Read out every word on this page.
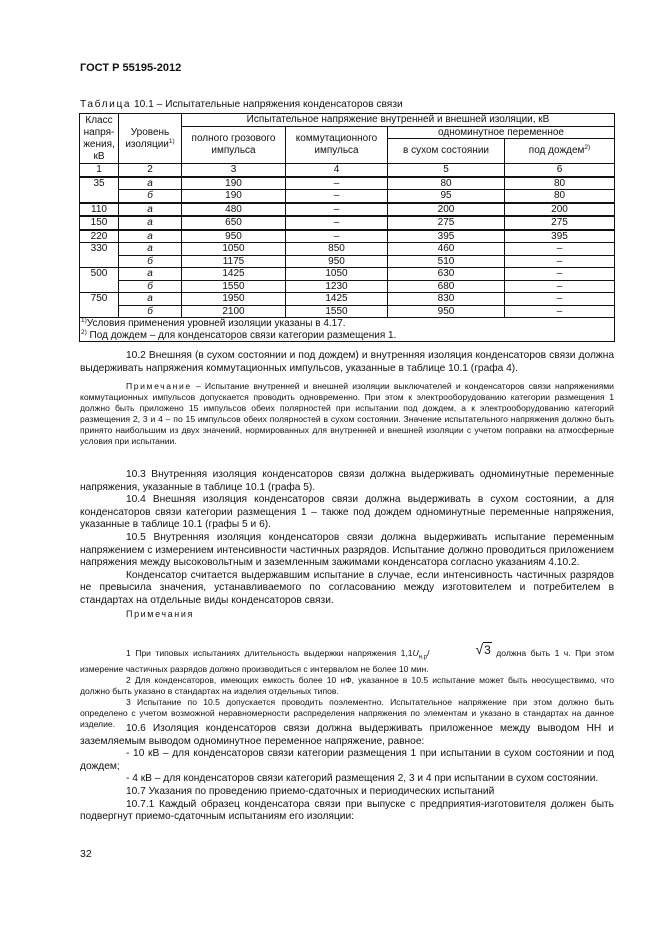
ГОСТ Р 55195-2012
Таблица 10.1 – Испытательные напряжения конденсаторов связи
Класс напря-жения, кВ	Уровень изоляции$^{1)}$	Испытательное напряжение внутренней и внешней изоляции, кВ			
		полного грозового импульса	коммутационного импульса	одноминутное переменное	
				в сухом состоянии	под дождем$^{2)}$
1	2	3	4	5	6
35	а	190	–	80	80
	б	190	–	95	80
110	а	480	–	200	200
150	а	650	–	275	275
220	а	950	–	395	395
330	а	1050	850	460	–
	б	1175	950	510	–
500	а	1425	1050	630	–
	б	1550	1230	680	–
750	а	1950	1425	830	–
	б	2100	1550	950	–

$^{1)}$Условия применения уровней изоляции указаны в 4.17.
$^{2)}$ Под дождем – для конденсаторов связи категории размещения 1.					

10.2 Внешняя (в сухом состоянии и под дождем) и внутренняя изоляция конденсаторов связи должна выдерживать напряжения коммутационных импульсов, указанные в таблице 10.1 (графа 4).

Примечание – Испытание внутренней и внешней изоляции выключателей и конденсаторов связи напряжениями коммутационных импульсов допускается проводить одновременно. При этом к электрооборудованию категории размещения 1 должно быть приложено 15 импульсов обеих полярностей при испытании под дождем, а к электрооборудованию категорий размещения 2, 3 и 4 – по 15 импульсов обеих полярностей в сухом состоянии. Значение испытательного напряжения должно быть принято наибольшим из двух значений, нормированных для внутренней и внешней изоляции с учетом поправки на атмосферные условия при испытании.

10.3 Внутренняя изоляция конденсаторов связи должна выдерживать одноминутные переменные напряжения, указанные в таблице 10.1 (графа 5).

10.4 Внешняя изоляция конденсаторов связи должна выдерживать в сухом состоянии, а для конденсаторов связи категории размещения 1 – также под дождем одноминутные переменные напряжения, указанные в таблице 10.1 (графы 5 и 6).

10.5 Внутренняя изоляция конденсаторов связи должна выдерживать испытание переменным напряжением с измерением интенсивности частичных разрядов. Испытание должно проводиться приложением напряжения между высоковольтным и заземленным зажимами конденсатора согласно указаниям 4.10.2.

Конденсатор считается выдержавшим испытание в случае, если интенсивность частичных разрядов не превысила значения, устанавливаемого по согласованию между изготовителем и потребителем в стандартах на отдельные виды конденсаторов связи.

Примечания

1 При типовых испытаниях длительность выдержки напряжения $1,1U_{н.р}/$	√3 должна быть 1 ч. При этом измерение частичных разрядов должно производиться с интервалом не более 10 мин.

2 Для конденсаторов, имеющих емкость более 10 нФ, указанное в 10.5 испытание может быть неосуществимо, что должно быть указано в стандартах на изделия отдельных типов.

3 Испытание по 10.5 допускается проводить поэлементно. Испытательное напряжение при этом должно быть определено с учетом возможной неравномерности распределения напряжения по элементам и указано в стандартах на данное изделие.	10.6 Изоляция конденсаторов связи должна выдерживать приложенное между выводом НН и заземляемым выводом одноминутное переменное напряжение, равное:

- 10 кВ – для конденсаторов связи категории размещения 1 при испытании в сухом состоянии и под дождем;

- 4 кВ – для конденсаторов связи категорий размещения 2, 3 и 4 при испытании в сухом состоянии.

10.7 Указания по проведению приемо-сдаточных и периодических испытаний

10.7.1 Каждый образец конденсатора связи при выпуске с предприятия-изготовителя должен быть подвергнут приемо-сдаточным испытаниям его изоляции:

32
